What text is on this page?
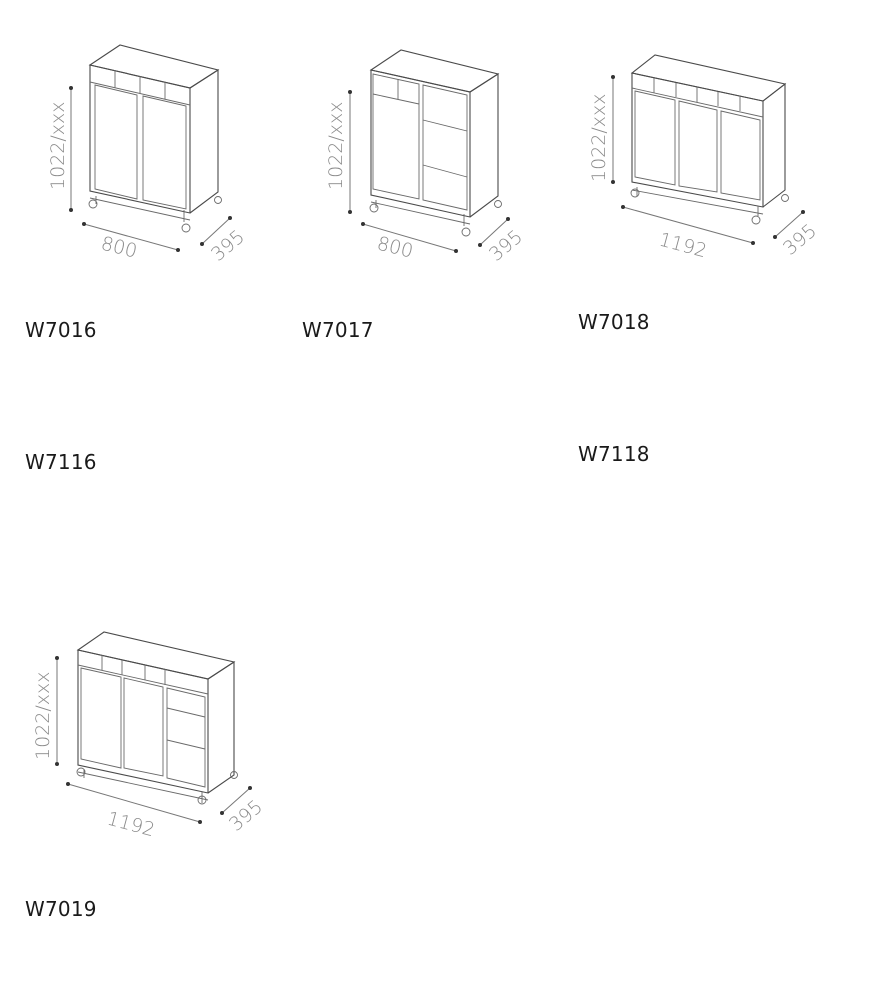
1022/xxx
800	395
W7016
1022/xxx
800	395
W7017
1022/xxx
1192	395
W7018
W7116	W7118
1022/xxx
1192	395
W7019
